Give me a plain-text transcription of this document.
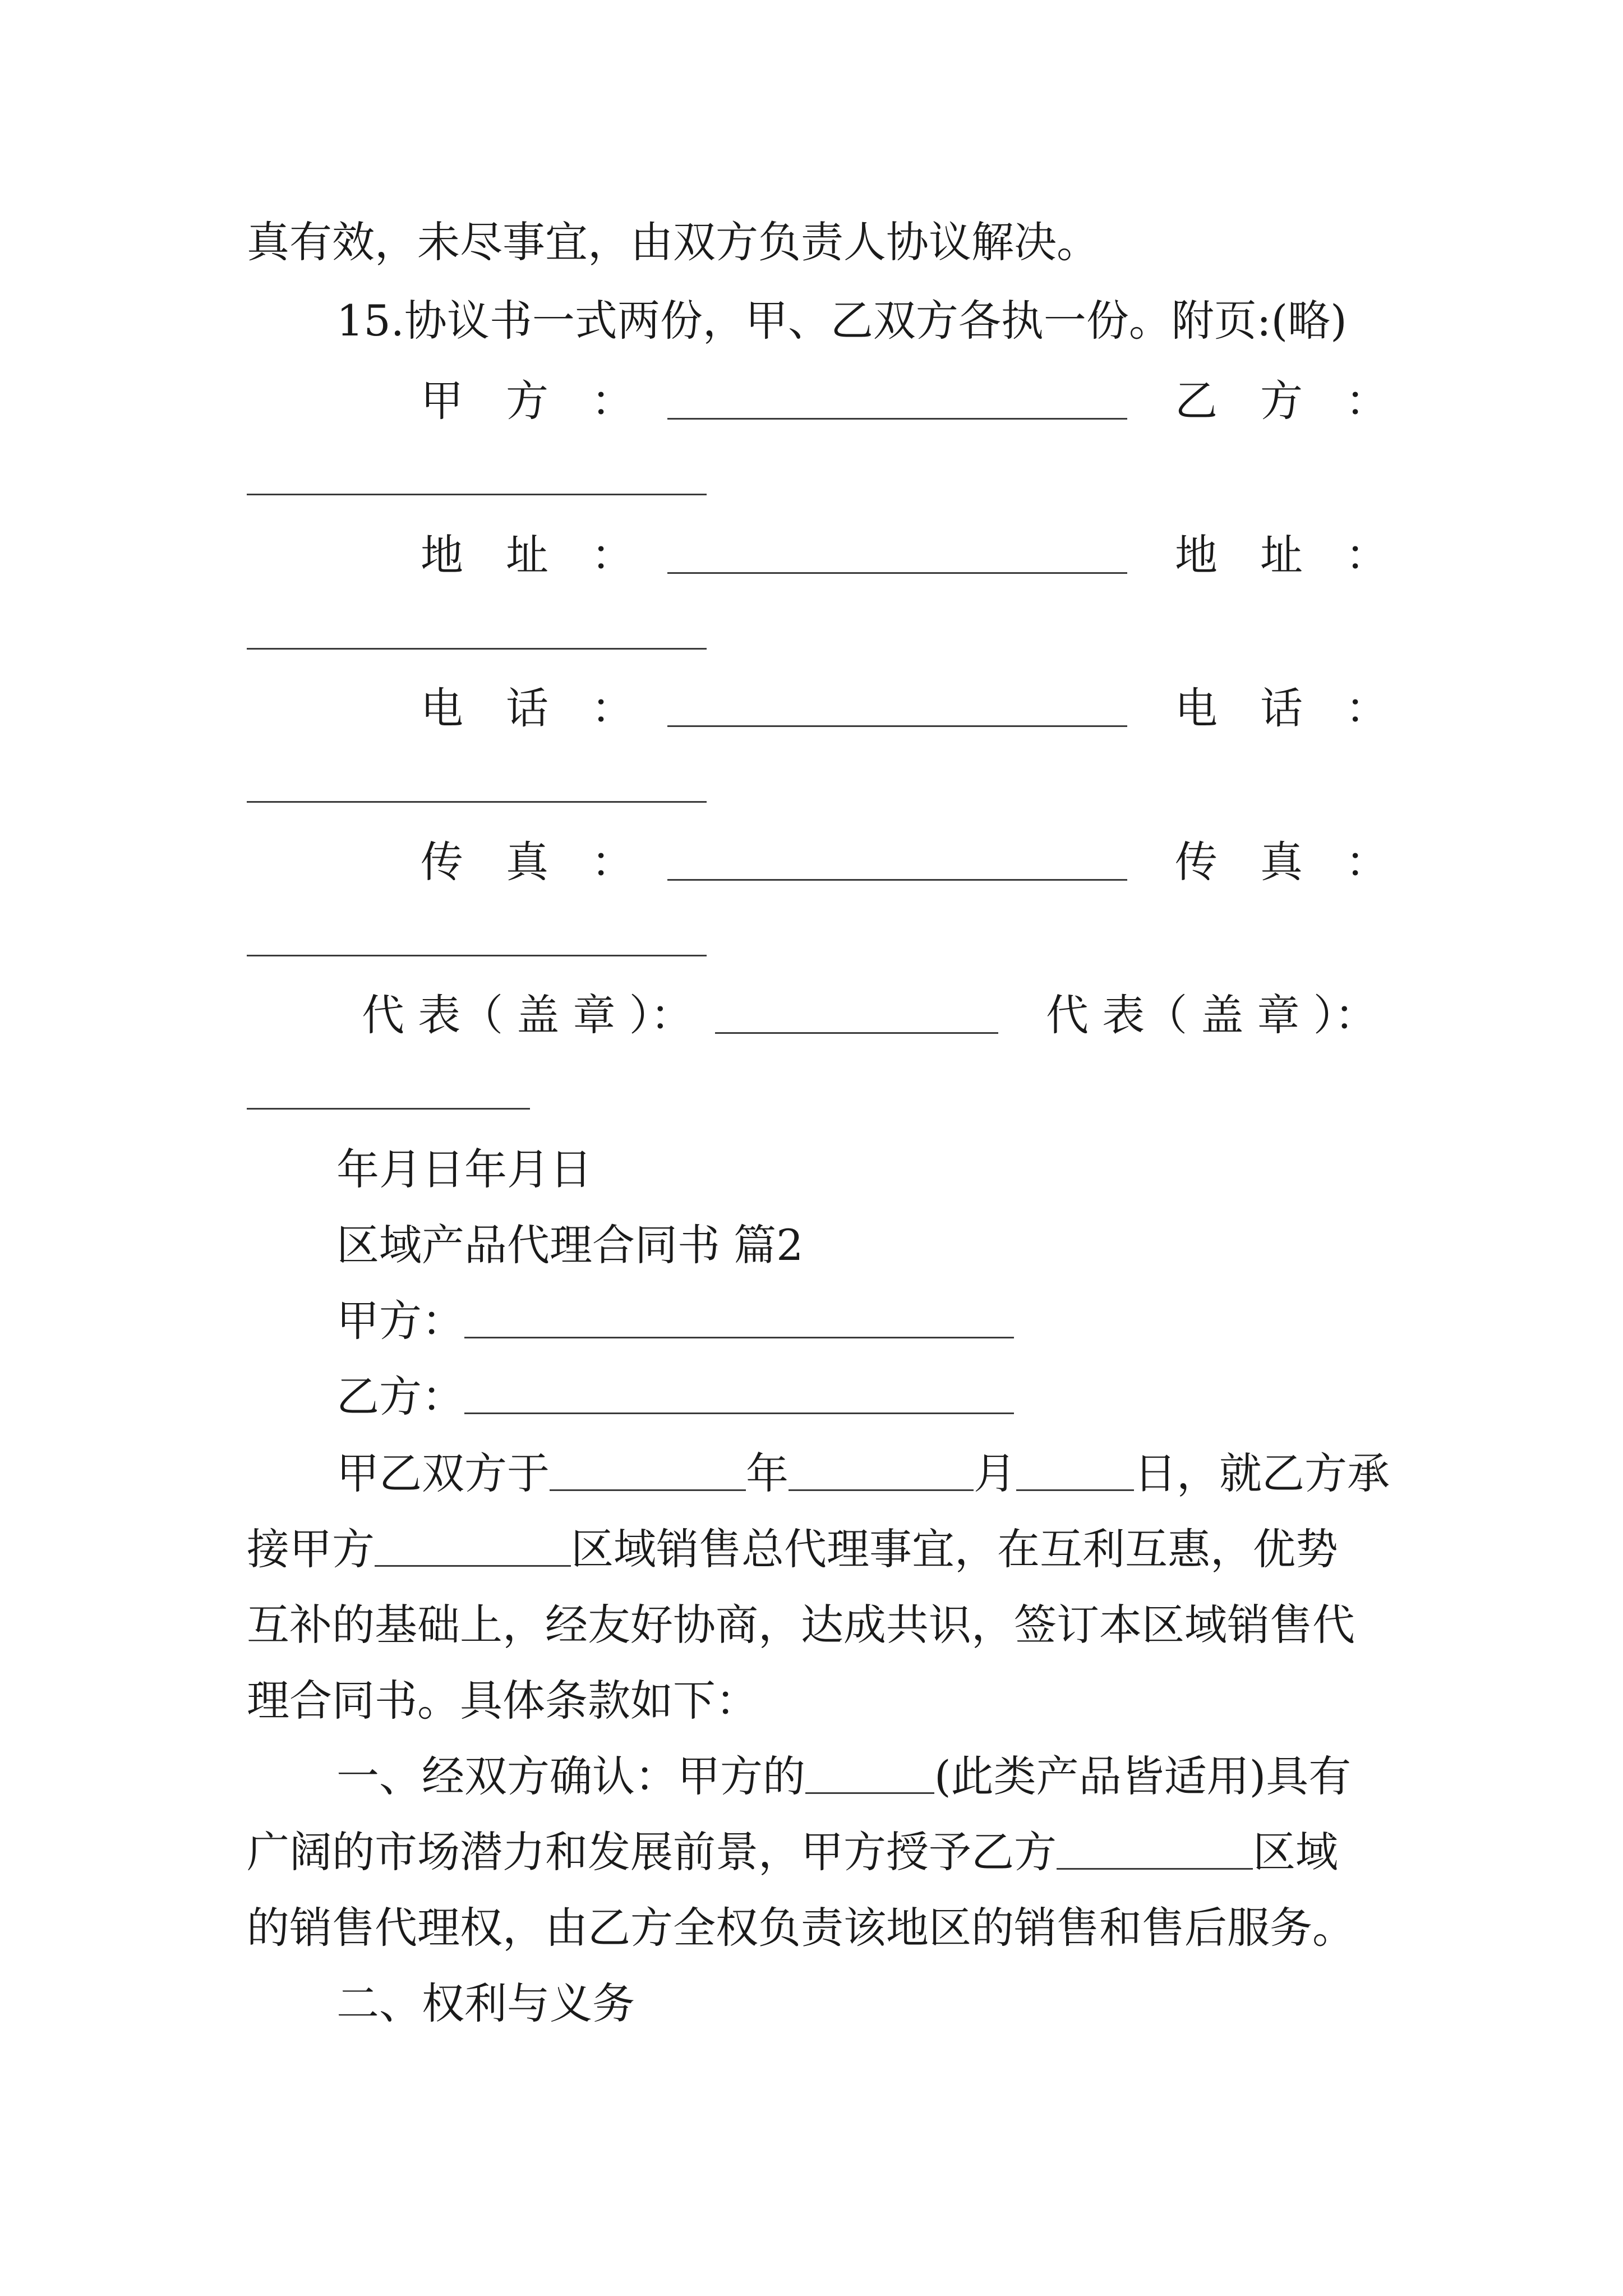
真有效，未尽事宜，由双方负责人协议解决。
15.协议书一式两份，甲、乙双方各执一份。附页:(略)
甲　方　：	乙　方　：
地　址　：	地　址　：
电　话　：	电　话　：
传　真　：	传　真　：
代 表（ 盖 章 ）：	代 表（ 盖 章 ）：
年月日年月日
区域产品代理合同书 篇2
甲方：
乙方：
甲乙双方于	年	月	日，就乙方承
接甲方	区域销售总代理事宜，在互利互惠，优势
互补的基础上，经友好协商，达成共识，签订本区域销售代
理合同书。具体条款如下：
一、经双方确认：甲方的	(此类产品皆适用)具有
广阔的市场潜力和发展前景，甲方授予乙方	区域
的销售代理权，由乙方全权负责该地区的销售和售后服务。
二、权利与义务
